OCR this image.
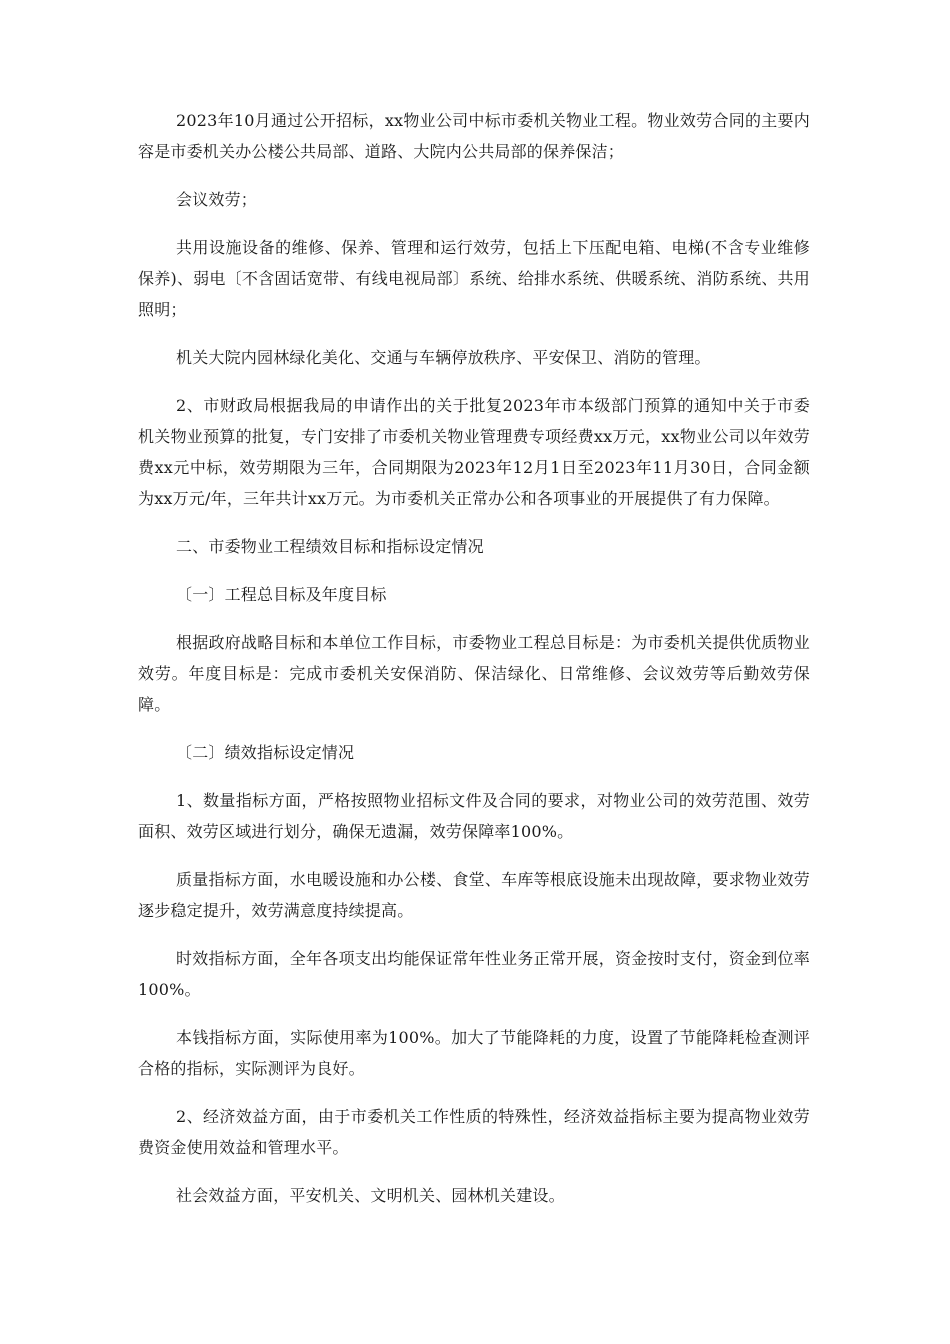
2023年10月通过公开招标，xx物业公司中标市委机关物业工程。物业效劳合同的主要内容是市委机关办公楼公共局部、道路、大院内公共局部的保养保洁；

会议效劳；

共用设施设备的维修、保养、管理和运行效劳，包括上下压配电箱、电梯(不含专业维修保养)、弱电〔不含固话宽带、有线电视局部〕系统、给排水系统、供暖系统、消防系统、共用照明；

机关大院内园林绿化美化、交通与车辆停放秩序、平安保卫、消防的管理。

2、市财政局根据我局的申请作出的关于批复2023年市本级部门预算的通知中关于市委机关物业预算的批复，专门安排了市委机关物业管理费专项经费xx万元，xx物业公司以年效劳费xx元中标，效劳期限为三年，合同期限为2023年12月1日至2023年11月30日，合同金额为xx万元/年，三年共计xx万元。为市委机关正常办公和各项事业的开展提供了有力保障。

二、市委物业工程绩效目标和指标设定情况

〔一〕工程总目标及年度目标

根据政府战略目标和本单位工作目标，市委物业工程总目标是：为市委机关提供优质物业效劳。年度目标是：完成市委机关安保消防、保洁绿化、日常维修、会议效劳等后勤效劳保障。

〔二〕绩效指标设定情况

1、数量指标方面，严格按照物业招标文件及合同的要求，对物业公司的效劳范围、效劳面积、效劳区域进行划分，确保无遗漏，效劳保障率100%。

质量指标方面，水电暖设施和办公楼、食堂、车库等根底设施未出现故障，要求物业效劳逐步稳定提升，效劳满意度持续提高。

时效指标方面，全年各项支出均能保证常年性业务正常开展，资金按时支付，资金到位率100%。

本钱指标方面，实际使用率为100%。加大了节能降耗的力度，设置了节能降耗检查测评合格的指标，实际测评为良好。

2、经济效益方面，由于市委机关工作性质的特殊性，经济效益指标主要为提高物业效劳费资金使用效益和管理水平。

社会效益方面，平安机关、文明机关、园林机关建设。
